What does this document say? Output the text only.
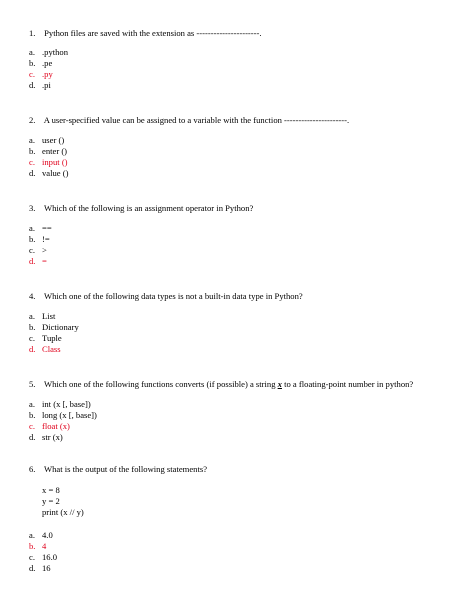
1. Python files are saved with the extension as ----------------------.
a. .python
b. .pe
c. .py
d. .pi
2. A user-specified value can be assigned to a variable with the function ----------------------.
a. user ()
b. enter ()
c. input ()
d. value ()
3. Which of the following is an assignment operator in Python?
a. ==
b. !=
c. >
d. =
4. Which one of the following data types is not a built-in data type in Python?
a. List
b. Dictionary
c. Tuple
d. Class
5. Which one of the following functions converts (if possible) a string x to a floating-point number in python?
a. int (x [, base])
b. long (x [, base])
c. float (x)
d. str (x)
6. What is the output of the following statements?
x = 8
y = 2
print (x // y)
a. 4.0
b. 4
c. 16.0
d. 16
